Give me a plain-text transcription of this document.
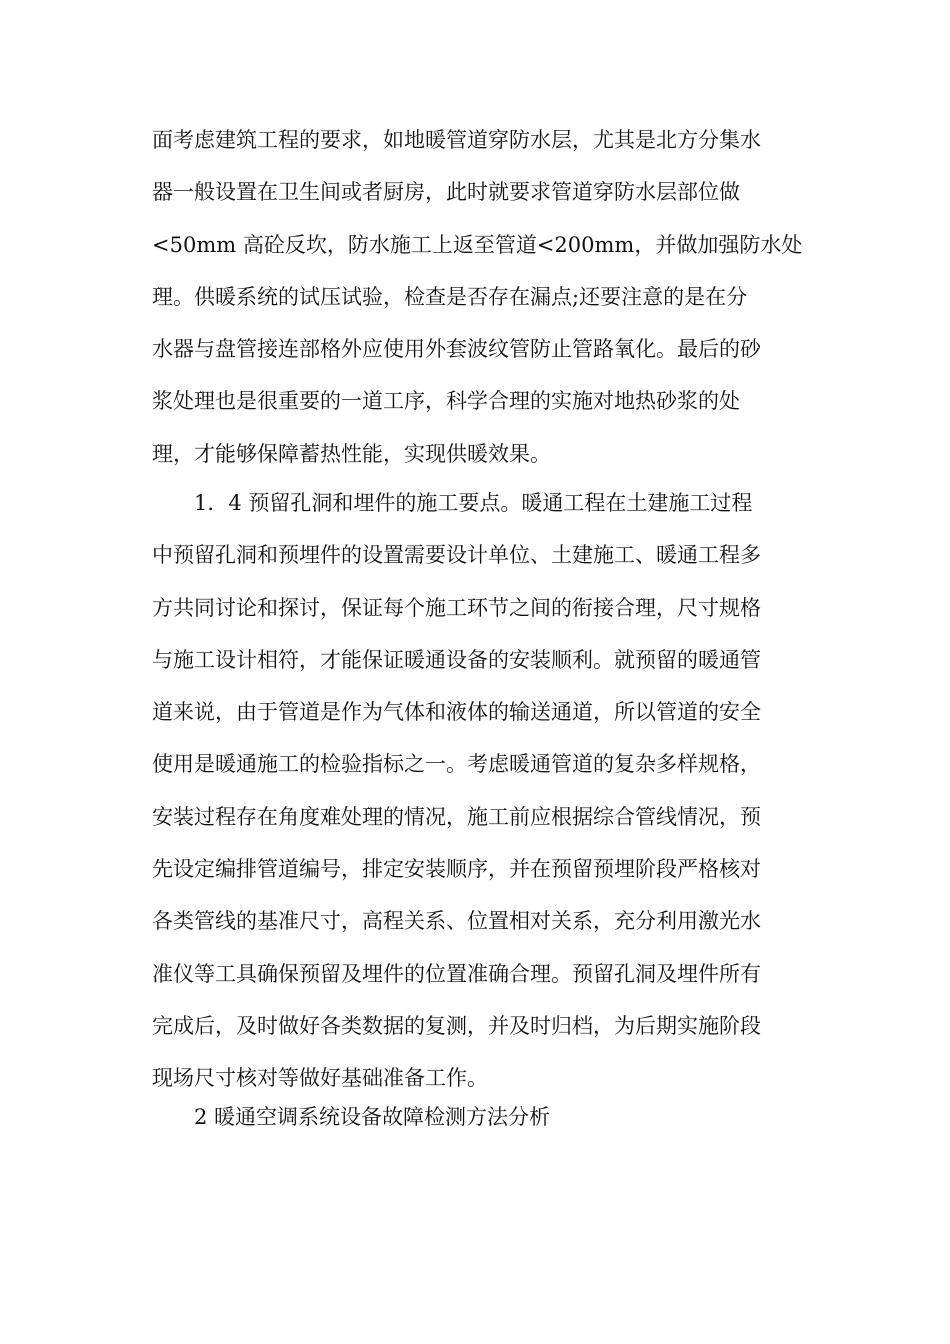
面考虑建筑工程的要求，如地暖管道穿防水层，尤其是北方分集水
器一般设置在卫生间或者厨房，此时就要求管道穿防水层部位做
<50mm 高砼反坎，防水施工上返至管道<200mm，并做加强防水处
理。供暖系统的试压试验，检查是否存在漏点;还要注意的是在分
水器与盘管接连部格外应使用外套波纹管防止管路氧化。最后的砂
浆处理也是很重要的一道工序，科学合理的实施对地热砂浆的处
理，才能够保障蓄热性能，实现供暖效果。
　　1．4 预留孔洞和埋件的施工要点。暖通工程在土建施工过程
中预留孔洞和预埋件的设置需要设计单位、土建施工、暖通工程多
方共同讨论和探讨，保证每个施工环节之间的衔接合理，尺寸规格
与施工设计相符，才能保证暖通设备的安装顺利。就预留的暖通管
道来说，由于管道是作为气体和液体的输送通道，所以管道的安全
使用是暖通施工的检验指标之一。考虑暖通管道的复杂多样规格，
安装过程存在角度难处理的情况，施工前应根据综合管线情况，预
先设定编排管道编号，排定安装顺序，并在预留预埋阶段严格核对
各类管线的基准尺寸，高程关系、位置相对关系，充分利用激光水
准仪等工具确保预留及埋件的位置准确合理。预留孔洞及埋件所有
完成后，及时做好各类数据的复测，并及时归档，为后期实施阶段
现场尺寸核对等做好基础准备工作。
　　2 暖通空调系统设备故障检测方法分析
